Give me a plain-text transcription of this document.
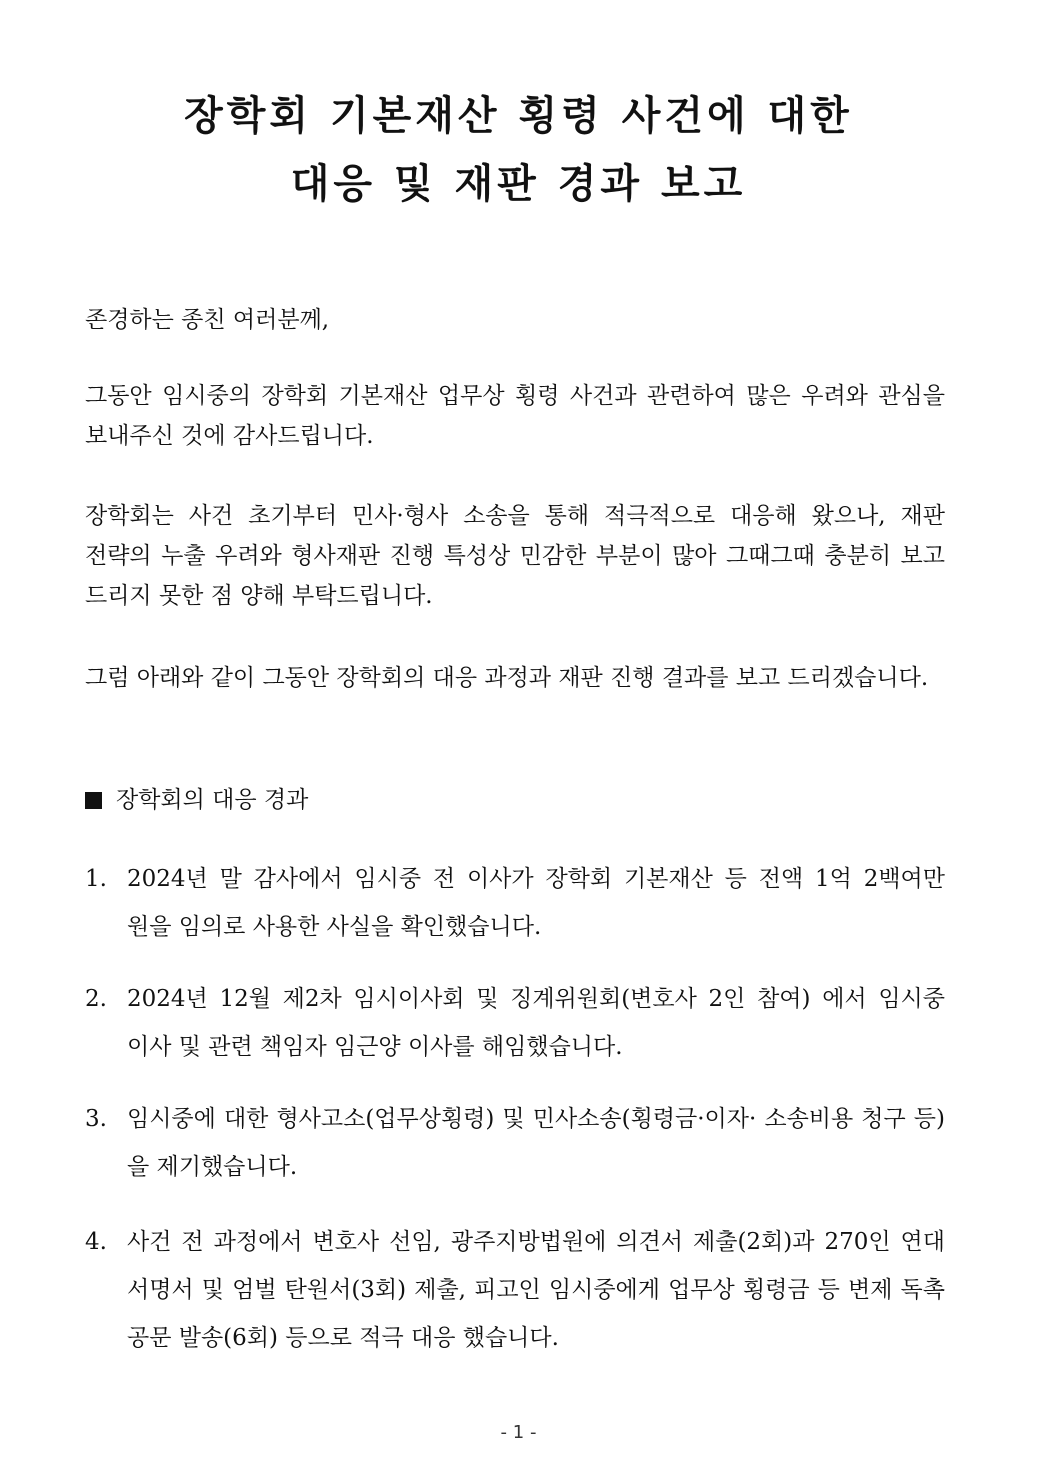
장학회 기본재산 횡령 사건에 대한
대응 및 재판 경과 보고
존경하는 종친 여러분께,
그동안 임시중의 장학회 기본재산 업무상 횡령 사건과 관련하여 많은 우려와 관심을 보내주신 것에 감사드립니다.
장학회는 사건 초기부터 민사·형사 소송을 통해 적극적으로 대응해 왔으나, 재판 전략의 누출 우려와 형사재판 진행 특성상 민감한 부분이 많아 그때그때 충분히 보고 드리지 못한 점 양해 부탁드립니다.
그럼 아래와 같이 그동안 장학회의 대응 과정과 재판 진행 결과를 보고 드리겠습니다.
장학회의 대응 경과
1. 2024년 말 감사에서 임시중 전 이사가 장학회 기본재산 등 전액 1억 2백여만 원을 임의로 사용한 사실을 확인했습니다.
2. 2024년 12월 제2차 임시이사회 및 징계위원회(변호사 2인 참여) 에서 임시중 이사 및 관련 책임자 임근양 이사를 해임했습니다.
3. 임시중에 대한 형사고소(업무상횡령) 및 민사소송(횡령금·이자· 소송비용 청구 등)을 제기했습니다.
4. 사건 전 과정에서 변호사 선임, 광주지방법원에 의견서 제출(2회)과 270인 연대 서명서 및 엄벌 탄원서(3회) 제출, 피고인 임시중에게 업무상 횡령금 등 변제 독촉 공문 발송(6회) 등으로 적극 대응 했습니다.
- 1 -
